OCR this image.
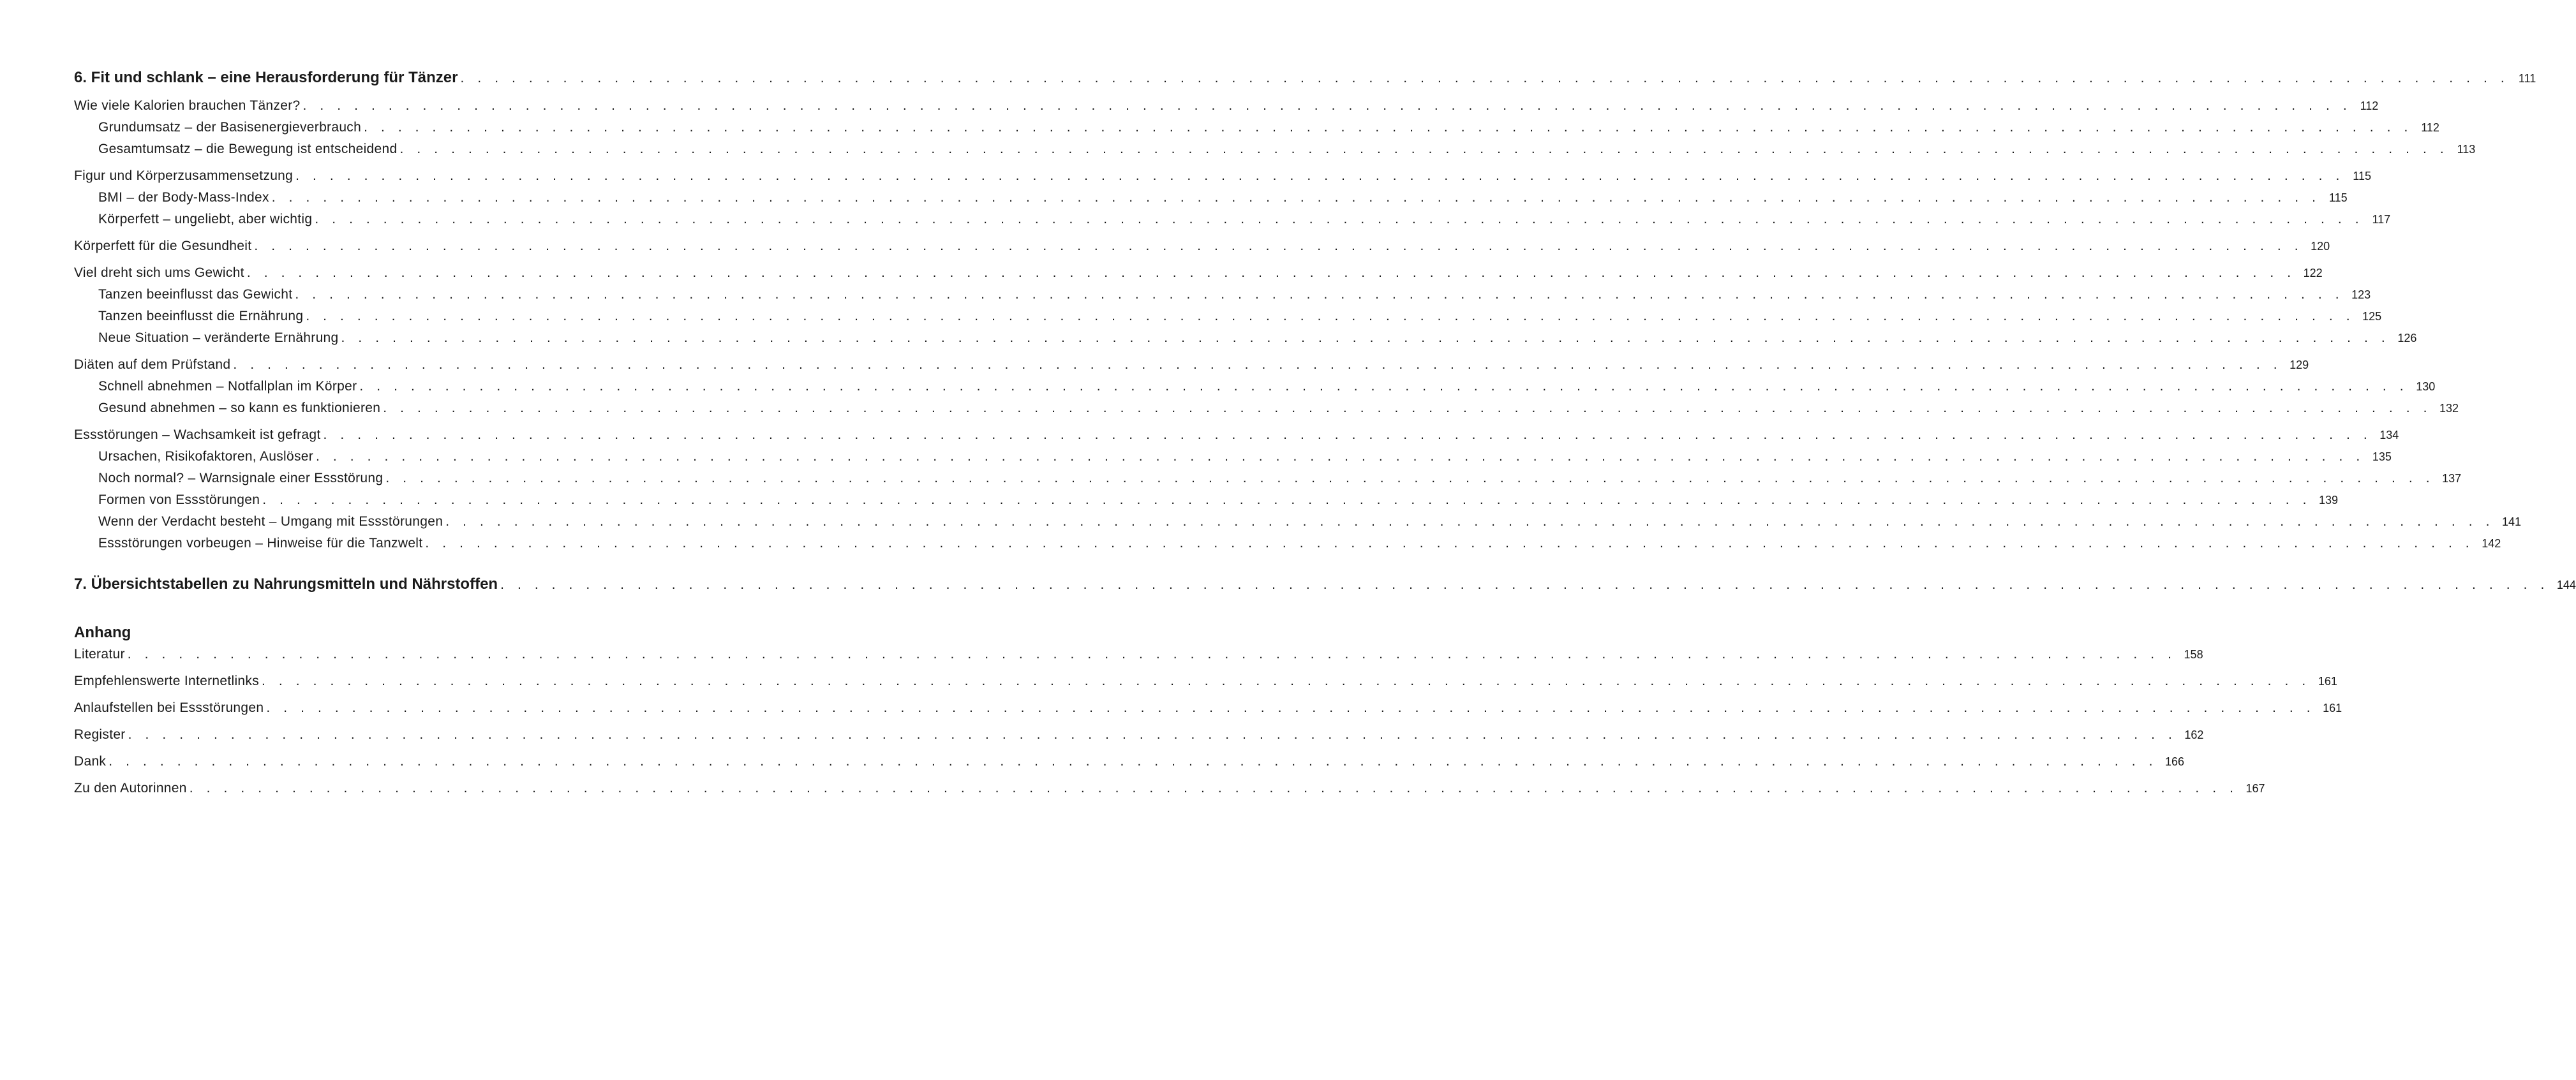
6. Fit und schlank – eine Herausforderung für Tänzer . . . . . . . . . . . . . . . . . . . . . . . . . . . . . . . . . . . . . . . . . . . . . . . . . . . . . . . . . . . . . . . . . . . . . . . . . . . . . . . . . . . . . . . . . . . . . . . . . . . . . . . . . . . . . . . . . . . . . . . . 111
Wie viele Kalorien brauchen Tänzer? . . . . . . . . . . . . . . . . . . . . . . . . . . . . . . . . . . . . . . . . . . . . . . . . . . . . . . . . . . . . . . . . . . . . . . . . . . . . . . . . . . . . . . . . . . . . . . . . . . . . . . . . . . . . . . . . . . . . . . . . 112
Grundumsatz – der Basisenergieverbrauch . . . . . . . . . . . . . . . . . . . . . . . . . . . . . . . . . . . . . . . . . . . . . . . . . . . . . . . . . . . . . . . . . . . . . . . . . . . . . . . . . . . . . . . . . . . . . . . . . . . . . . . . . . . . . . . . . . . . . . . . 112
Gesamtumsatz – die Bewegung ist entscheidend . . . . . . . . . . . . . . . . . . . . . . . . . . . . . . . . . . . . . . . . . . . . . . . . . . . . . . . . . . . . . . . . . . . . . . . . . . . . . . . . . . . . . . . . . . . . . . . . . . . . . . . . . . . . . . . . . . . . . . . . 113
Figur und Körperzusammensetzung . . . . . . . . . . . . . . . . . . . . . . . . . . . . . . . . . . . . . . . . . . . . . . . . . . . . . . . . . . . . . . . . . . . . . . . . . . . . . . . . . . . . . . . . . . . . . . . . . . . . . . . . . . . . . . . . . . . . . . . . 115
BMI – der Body-Mass-Index . . . . . . . . . . . . . . . . . . . . . . . . . . . . . . . . . . . . . . . . . . . . . . . . . . . . . . . . . . . . . . . . . . . . . . . . . . . . . . . . . . . . . . . . . . . . . . . . . . . . . . . . . . . . . . . . . . . . . . . . 115
Körperfett – ungeliebt, aber wichtig . . . . . . . . . . . . . . . . . . . . . . . . . . . . . . . . . . . . . . . . . . . . . . . . . . . . . . . . . . . . . . . . . . . . . . . . . . . . . . . . . . . . . . . . . . . . . . . . . . . . . . . . . . . . . . . . . . . . . . . . 117
Körperfett für die Gesundheit . . . . . . . . . . . . . . . . . . . . . . . . . . . . . . . . . . . . . . . . . . . . . . . . . . . . . . . . . . . . . . . . . . . . . . . . . . . . . . . . . . . . . . . . . . . . . . . . . . . . . . . . . . . . . . . . . . . . . . . . 120
Viel dreht sich ums Gewicht . . . . . . . . . . . . . . . . . . . . . . . . . . . . . . . . . . . . . . . . . . . . . . . . . . . . . . . . . . . . . . . . . . . . . . . . . . . . . . . . . . . . . . . . . . . . . . . . . . . . . . . . . . . . . . . . . . . . . . . . 122
Tanzen beeinflusst das Gewicht . . . . . . . . . . . . . . . . . . . . . . . . . . . . . . . . . . . . . . . . . . . . . . . . . . . . . . . . . . . . . . . . . . . . . . . . . . . . . . . . . . . . . . . . . . . . . . . . . . . . . . . . . . . . . . . . . . . . . . . . 123
Tanzen beeinflusst die Ernährung . . . . . . . . . . . . . . . . . . . . . . . . . . . . . . . . . . . . . . . . . . . . . . . . . . . . . . . . . . . . . . . . . . . . . . . . . . . . . . . . . . . . . . . . . . . . . . . . . . . . . . . . . . . . . . . . . . . . . . . . 125
Neue Situation – veränderte Ernährung . . . . . . . . . . . . . . . . . . . . . . . . . . . . . . . . . . . . . . . . . . . . . . . . . . . . . . . . . . . . . . . . . . . . . . . . . . . . . . . . . . . . . . . . . . . . . . . . . . . . . . . . . . . . . . . . . . . . . . . . 126
Diäten auf dem Prüfstand . . . . . . . . . . . . . . . . . . . . . . . . . . . . . . . . . . . . . . . . . . . . . . . . . . . . . . . . . . . . . . . . . . . . . . . . . . . . . . . . . . . . . . . . . . . . . . . . . . . . . . . . . . . . . . . . . . . . . . . . 129
Schnell abnehmen – Notfallplan im Körper . . . . . . . . . . . . . . . . . . . . . . . . . . . . . . . . . . . . . . . . . . . . . . . . . . . . . . . . . . . . . . . . . . . . . . . . . . . . . . . . . . . . . . . . . . . . . . . . . . . . . . . . . . . . . . . . . . . . . . . . 130
Gesund abnehmen – so kann es funktionieren . . . . . . . . . . . . . . . . . . . . . . . . . . . . . . . . . . . . . . . . . . . . . . . . . . . . . . . . . . . . . . . . . . . . . . . . . . . . . . . . . . . . . . . . . . . . . . . . . . . . . . . . . . . . . . . . . . . . . . . . 132
Essstörungen – Wachsamkeit ist gefragt . . . . . . . . . . . . . . . . . . . . . . . . . . . . . . . . . . . . . . . . . . . . . . . . . . . . . . . . . . . . . . . . . . . . . . . . . . . . . . . . . . . . . . . . . . . . . . . . . . . . . . . . . . . . . . . . . . . . . . . . 134
Ursachen, Risikofaktoren, Auslöser . . . . . . . . . . . . . . . . . . . . . . . . . . . . . . . . . . . . . . . . . . . . . . . . . . . . . . . . . . . . . . . . . . . . . . . . . . . . . . . . . . . . . . . . . . . . . . . . . . . . . . . . . . . . . . . . . . . . . . . . 135
Noch normal? – Warnsignale einer Essstörung . . . . . . . . . . . . . . . . . . . . . . . . . . . . . . . . . . . . . . . . . . . . . . . . . . . . . . . . . . . . . . . . . . . . . . . . . . . . . . . . . . . . . . . . . . . . . . . . . . . . . . . . . . . . . . . . . . . . . . . . 137
Formen von Essstörungen . . . . . . . . . . . . . . . . . . . . . . . . . . . . . . . . . . . . . . . . . . . . . . . . . . . . . . . . . . . . . . . . . . . . . . . . . . . . . . . . . . . . . . . . . . . . . . . . . . . . . . . . . . . . . . . . . . . . . . . . 139
Wenn der Verdacht besteht – Umgang mit Essstörungen . . . . . . . . . . . . . . . . . . . . . . . . . . . . . . . . . . . . . . . . . . . . . . . . . . . . . . . . . . . . . . . . . . . . . . . . . . . . . . . . . . . . . . . . . . . . . . . . . . . . . . . . . . . . . . . . . . . . . . . . 141
Essstörungen vorbeugen – Hinweise für die Tanzwelt . . . . . . . . . . . . . . . . . . . . . . . . . . . . . . . . . . . . . . . . . . . . . . . . . . . . . . . . . . . . . . . . . . . . . . . . . . . . . . . . . . . . . . . . . . . . . . . . . . . . . . . . . . . . . . . . . . . . . . . . 142
7. Übersichtstabellen zu Nahrungsmitteln und Nährstoffen . . . . . . . . . . . . . . . . . . . . . . . . . . . . . . . . . . . . . . . . . . . . . . . . . . . . . . . . . . . . . . . . . . . . . . . . . . . . . . . . . . . . . . . . . . . . . . . . . . . . . . . . . . . . . . . . . . . . . . . . 144
Anhang
Literatur . . . . . . . . . . . . . . . . . . . . . . . . . . . . . . . . . . . . . . . . . . . . . . . . . . . . . . . . . . . . . . . . . . . . . . . . . . . . . . . . . . . . . . . . . . . . . . . . . . . . . . . . . . . . . . . . . . . . . . . . 158
Empfehlenswerte Internetlinks . . . . . . . . . . . . . . . . . . . . . . . . . . . . . . . . . . . . . . . . . . . . . . . . . . . . . . . . . . . . . . . . . . . . . . . . . . . . . . . . . . . . . . . . . . . . . . . . . . . . . . . . . . . . . . . . . . . . . . . . 161
Anlaufstellen bei Essstörungen . . . . . . . . . . . . . . . . . . . . . . . . . . . . . . . . . . . . . . . . . . . . . . . . . . . . . . . . . . . . . . . . . . . . . . . . . . . . . . . . . . . . . . . . . . . . . . . . . . . . . . . . . . . . . . . . . . . . . . . . 161
Register . . . . . . . . . . . . . . . . . . . . . . . . . . . . . . . . . . . . . . . . . . . . . . . . . . . . . . . . . . . . . . . . . . . . . . . . . . . . . . . . . . . . . . . . . . . . . . . . . . . . . . . . . . . . . . . . . . . . . . . . 162
Dank . . . . . . . . . . . . . . . . . . . . . . . . . . . . . . . . . . . . . . . . . . . . . . . . . . . . . . . . . . . . . . . . . . . . . . . . . . . . . . . . . . . . . . . . . . . . . . . . . . . . . . . . . . . . . . . . . . . . . . . . 166
Zu den Autorinnen . . . . . . . . . . . . . . . . . . . . . . . . . . . . . . . . . . . . . . . . . . . . . . . . . . . . . . . . . . . . . . . . . . . . . . . . . . . . . . . . . . . . . . . . . . . . . . . . . . . . . . . . . . . . . . . . . . . . . . . . 167
